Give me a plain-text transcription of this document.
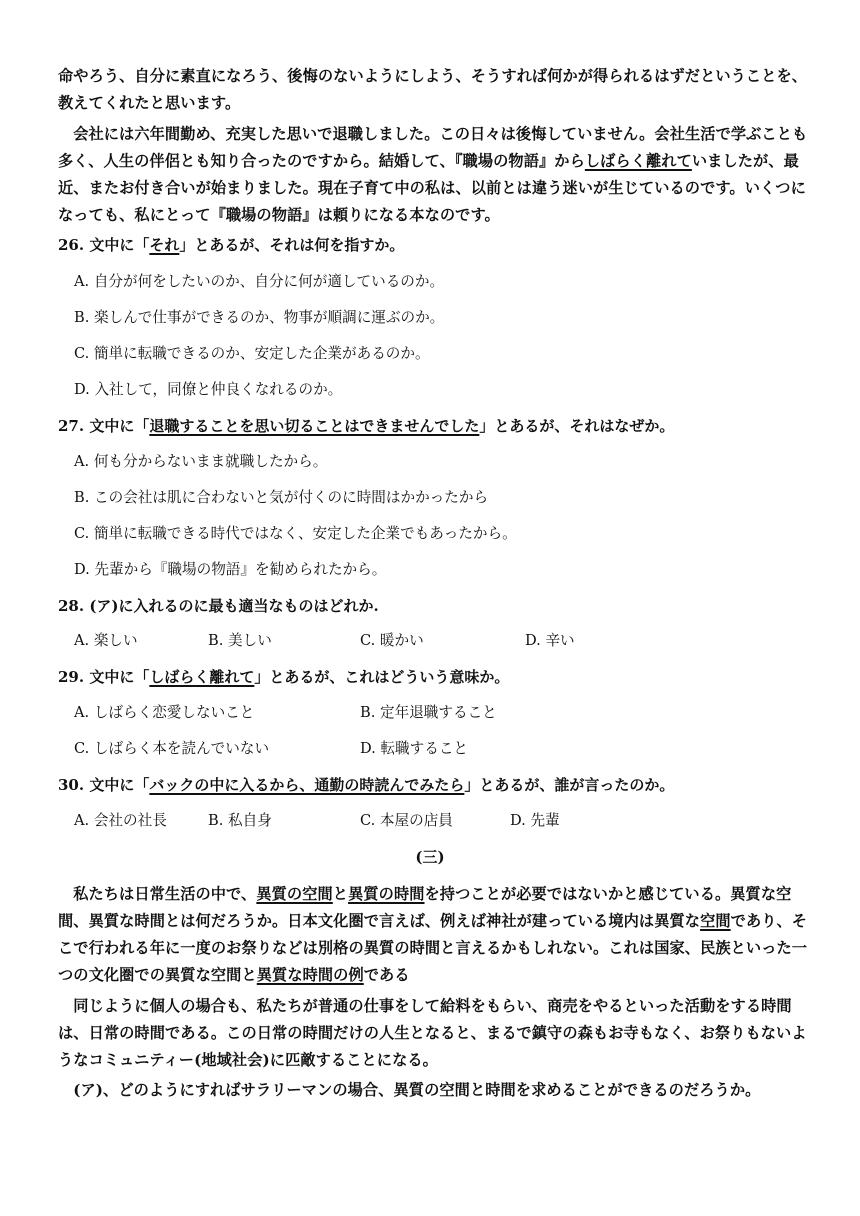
命やろう、自分に素直になろう、後悔のないようにしよう、そうすれば何かが得られるはずだということを、教えてくれたと思います。

会社には六年間勤め、充実した思いで退職しました。この日々は後悔していません。会社生活で学ぶことも多く、人生の伴侶とも知り合ったのですから。結婚して、『職場の物語』からしばらく離れていましたが、最近、またお付き合いが始まりました。現在子育て中の私は、以前とは違う迷いが生じているのです。いくつになっても、私にとって『職場の物語』は頼りになる本なのです。

26. 文中に「それ」とあるが、それは何を指すか。

A. 自分が何をしたいのか、自分に何が適しているのか。

B. 楽しんで仕事ができるのか、物事が順調に運ぶのか。

C. 簡単に転職できるのか、安定した企業があるのか。

D. 入社して，同僚と仲良くなれるのか。

27. 文中に「退職することを思い切ることはできませんでした」とあるが、それはなぜか。

A. 何も分からないまま就職したから。

B. この会社は肌に合わないと気が付くのに時間はかかったから

C. 簡単に転職できる時代ではなく、安定した企業でもあったから。

D. 先輩から『職場の物語』を勧められたから。

28. (ア)に入れるのに最も適当なものはどれか.

A. 楽しい	B. 美しい	C. 暖かい	D. 辛い

29. 文中に「しばらく離れて」とあるが、これはどういう意味か。

A. しばらく恋愛しないこと	B. 定年退職すること

C. しばらく本を読んでいない	D. 転職すること

30. 文中に「バックの中に入るから、通勤の時読んでみたら」とあるが、誰が言ったのか。

A. 会社の社長	B. 私自身	C. 本屋の店員	D. 先輩

(三)

私たちは日常生活の中で、異質の空間と異質の時間を持つことが必要ではないかと感じている。異質な空間、異質な時間とは何だろうか。日本文化圏で言えば、例えば神社が建っている境内は異質な空間であり、そこで行われる年に一度のお祭りなどは別格の異質の時間と言えるかもしれない。これは国家、民族といった一つの文化圏での異質な空間と異質な時間の例である

同じように個人の場合も、私たちが普通の仕事をして給料をもらい、商売をやるといった活動をする時間は、日常の時間である。この日常の時間だけの人生となると、まるで鎮守の森もお寺もなく、お祭りもないようなコミュニティー(地域社会)に匹敵することになる。

(ア)、どのようにすればサラリーマンの場合、異質の空間と時間を求めることができるのだろうか。
